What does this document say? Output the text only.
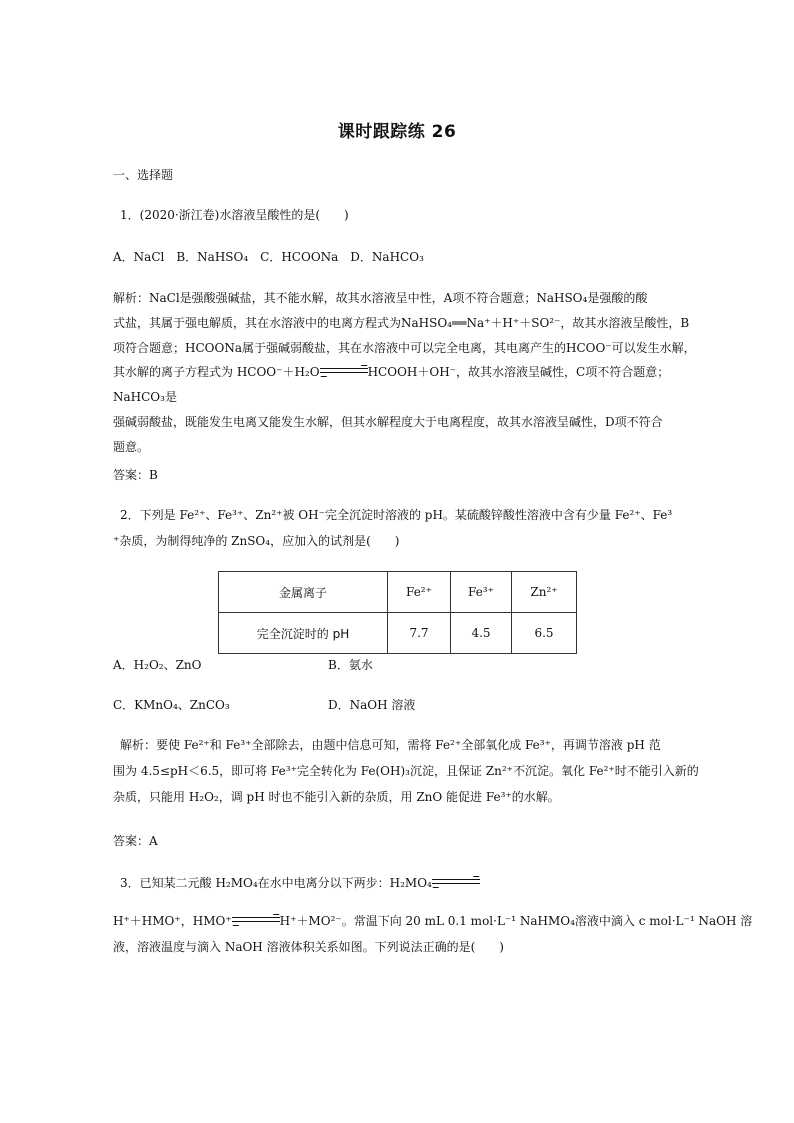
课时跟踪练 26
一、选择题
1．(2020·浙江卷)水溶液呈酸性的是(　　)
A．NaCl　B．NaHSO₄　C．HCOONa　D．NaHCO₃

解析：NaCl是强酸强碱盐，其不能水解，故其水溶液呈中性，A项不符合题意；NaHSO₄是强酸的酸

式盐，其属于强电解质，其在水溶液中的电离方程式为NaHSO₄══Na⁺＋H⁺＋SO²⁻，故其水溶液呈酸性，B

项符合题意；HCOONa属于强碱弱酸盐，其在水溶液中可以完全电离，其电离产生的HCOO⁻可以发生水解，

其水解的离子方程式为 HCOO⁻＋H₂O→HCOOH＋OH⁻，故其水溶液呈碱性，C项不符合题意；NaHCO₃是

强碱弱酸盐，既能发生电离又能发生水解，但其水解程度大于电离程度，故其水溶液呈碱性，D项不符合

题意。

答案：B
2．下列是 Fe²⁺、Fe³⁺、Zn²⁺被 OH⁻完全沉淀时溶液的 pH。某硫酸锌酸性溶液中含有少量 Fe²⁺、Fe³
⁺杂质，为制得纯净的 ZnSO₄，应加入的试剂是(　　)
金属离子	Fe²⁺	Fe³⁺	Zn²⁺
完全沉淀时的 pH	7.7	4.5	6.5
A．H₂O₂、ZnO	B．氨水
C．KMnO₄、ZnCO₃	D．NaOH 溶液
解析：要使 Fe²⁺和 Fe³⁺全部除去，由题中信息可知，需将 Fe²⁺全部氧化成 Fe³⁺，再调节溶液 pH 范
围为 4.5≤pH＜6.5，即可将 Fe³⁺完全转化为 Fe(OH)₃沉淀，且保证 Zn²⁺不沉淀。氧化 Fe²⁺时不能引入新的
杂质，只能用 H₂O₂，调 pH 时也不能引入新的杂质，用 ZnO 能促进 Fe³⁺的水解。
答案：A
3．已知某二元酸 H₂MO₄在水中电离分以下两步：H₂MO₄→
H⁺＋HMO⁺，HMO⁺→H⁺＋MO²⁻。常温下向 20 mL 0.1 mol·L⁻¹ NaHMO₄溶液中滴入 c mol·L⁻¹ NaOH 溶
液，溶液温度与滴入 NaOH 溶液体积关系如图。下列说法正确的是(　　)
